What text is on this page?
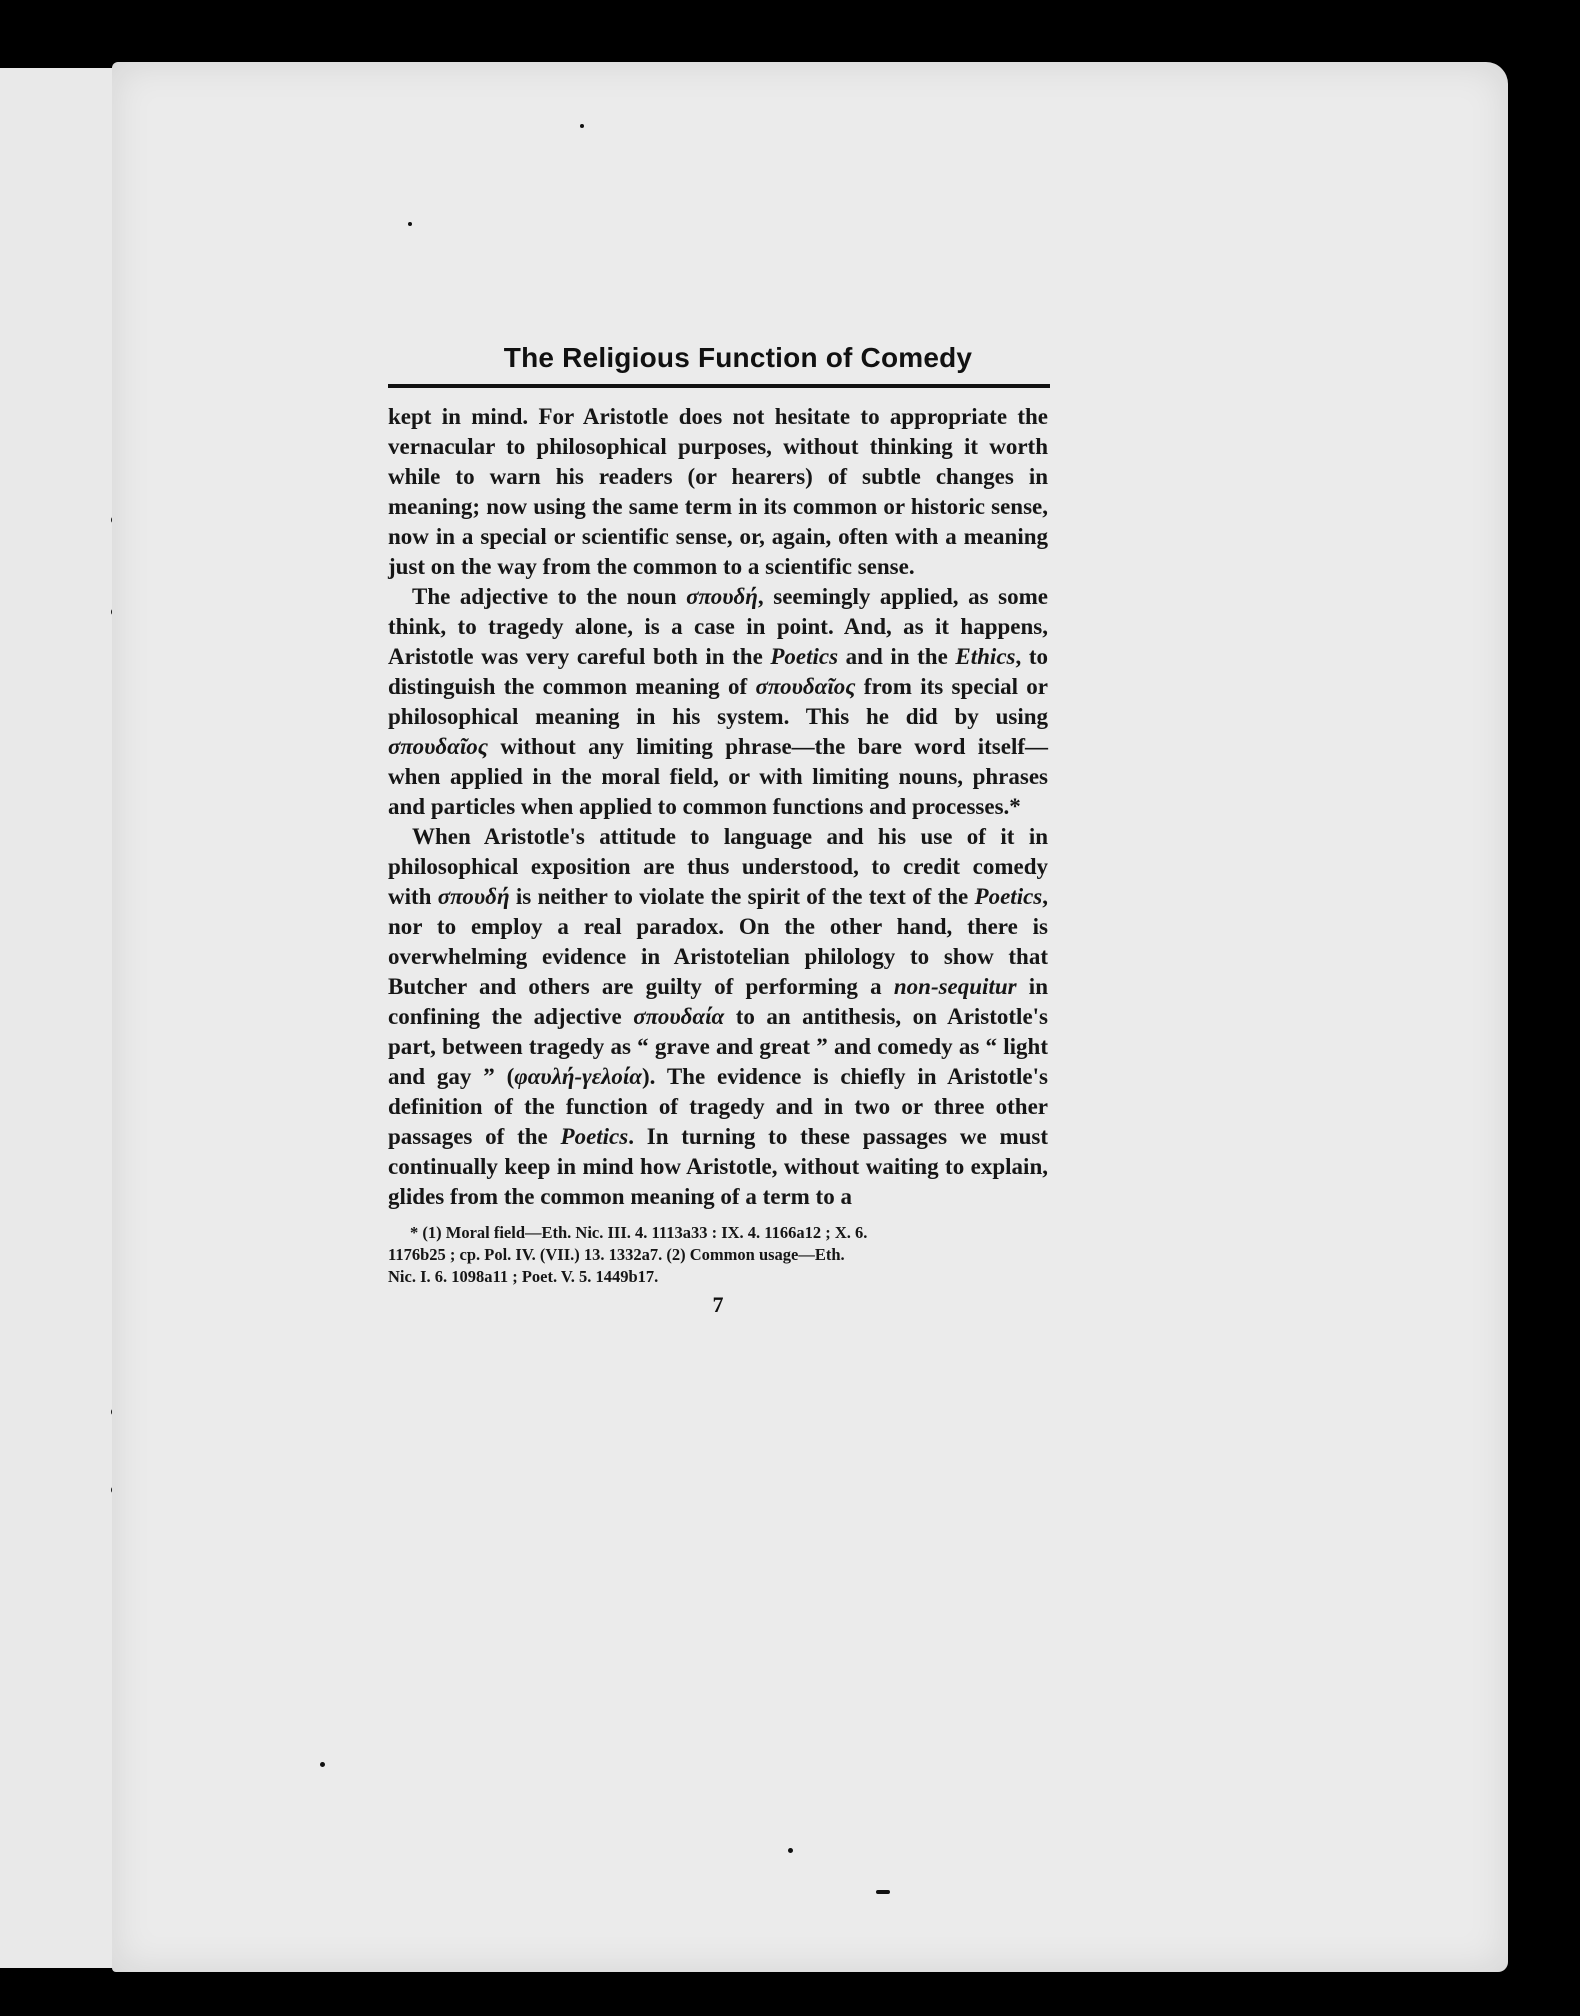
The Religious Function of Comedy

kept in mind. For Aristotle does not hesitate to appropriate the vernacular to philosophical purposes, without thinking it worth while to warn his readers (or hearers) of subtle changes in meaning; now using the same term in its common or historic sense, now in a special or scientific sense, or, again, often with a meaning just on the way from the common to a scientific sense.

The adjective to the noun σπουδή, seemingly applied, as some think, to tragedy alone, is a case in point. And, as it happens, Aristotle was very careful both in the Poetics and in the Ethics, to distinguish the common meaning of σπουδαῖος from its special or philosophical meaning in his system. This he did by using σπουδαῖος without any limiting phrase—the bare word itself—when applied in the moral field, or with limiting nouns, phrases and particles when applied to common functions and processes.*

When Aristotle's attitude to language and his use of it in philosophical exposition are thus understood, to credit comedy with σπουδή is neither to violate the spirit of the text of the Poetics, nor to employ a real paradox. On the other hand, there is overwhelming evidence in Aristotelian philology to show that Butcher and others are guilty of performing a non-sequitur in confining the adjective σπουδαία to an antithesis, on Aristotle's part, between tragedy as “ grave and great ” and comedy as “ light and gay ” (φαυλή-γελοία). The evidence is chiefly in Aristotle's definition of the function of tragedy and in two or three other passages of the Poetics. In turning to these passages we must continually keep in mind how Aristotle, without waiting to explain, glides from the common meaning of a term to a

* (1) Moral field—Eth. Nic. III. 4. 1113a33 : IX. 4. 1166a12 ; X. 6.

1176b25 ; cp. Pol. IV. (VII.) 13. 1332a7. (2) Common usage—Eth.

Nic. I. 6. 1098a11 ; Poet. V. 5. 1449b17.

7
